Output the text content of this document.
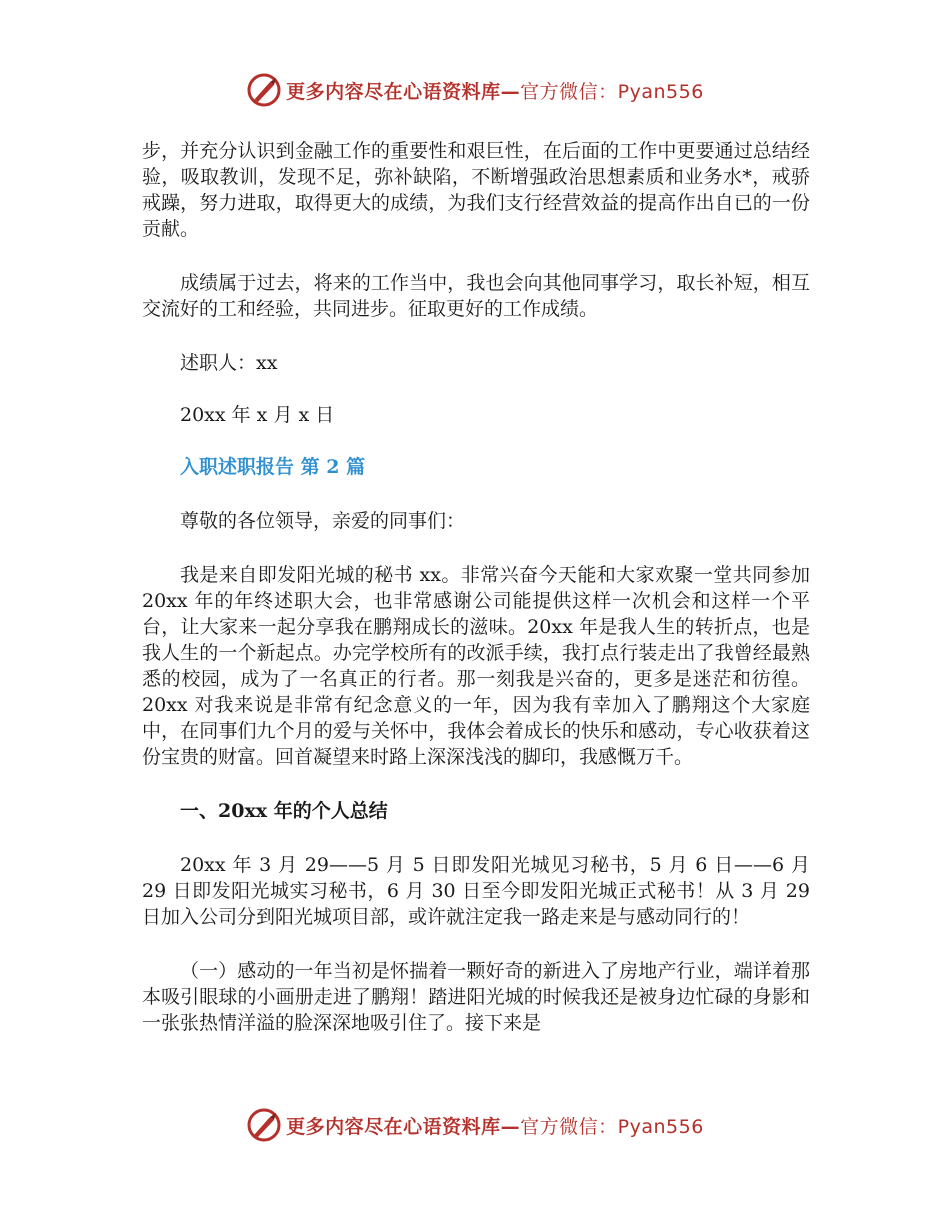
更多内容尽在心语资料库—官方微信：Pyan556

步，并充分认识到金融工作的重要性和艰巨性，在后面的工作中更要通过总结经验，吸取教训，发现不足，弥补缺陷，不断增强政治思想素质和业务水*，戒骄戒躁，努力进取，取得更大的成绩，为我们支行经营效益的提高作出自已的一份贡献。

成绩属于过去，将来的工作当中，我也会向其他同事学习，取长补短，相互交流好的工和经验，共同进步。征取更好的工作成绩。

述职人：xx

20xx 年 x 月 x 日

入职述职报告 第 2 篇

尊敬的各位领导，亲爱的同事们：

我是来自即发阳光城的秘书 xx。非常兴奋今天能和大家欢聚一堂共同参加 20xx 年的年终述职大会，也非常感谢公司能提供这样一次机会和这样一个平台，让大家来一起分享我在鹏翔成长的滋味。20xx 年是我人生的转折点，也是我人生的一个新起点。办完学校所有的改派手续，我打点行装走出了我曾经最熟悉的校园，成为了一名真正的行者。那一刻我是兴奋的，更多是迷茫和彷徨。20xx 对我来说是非常有纪念意义的一年，因为我有幸加入了鹏翔这个大家庭中，在同事们九个月的爱与关怀中，我体会着成长的快乐和感动，专心收获着这份宝贵的财富。回首凝望来时路上深深浅浅的脚印，我感慨万千。

一、20xx 年的个人总结

20xx 年 3 月 29——5 月 5 日即发阳光城见习秘书，5 月 6 日——6 月 29 日即发阳光城实习秘书，6 月 30 日至今即发阳光城正式秘书！从 3 月 29 日加入公司分到阳光城项目部，或许就注定我一路走来是与感动同行的！

（一）感动的一年当初是怀揣着一颗好奇的新进入了房地产行业，端详着那本吸引眼球的小画册走进了鹏翔！踏进阳光城的时候我还是被身边忙碌的身影和一张张热情洋溢的脸深深地吸引住了。接下来是

更多内容尽在心语资料库—官方微信：Pyan556
